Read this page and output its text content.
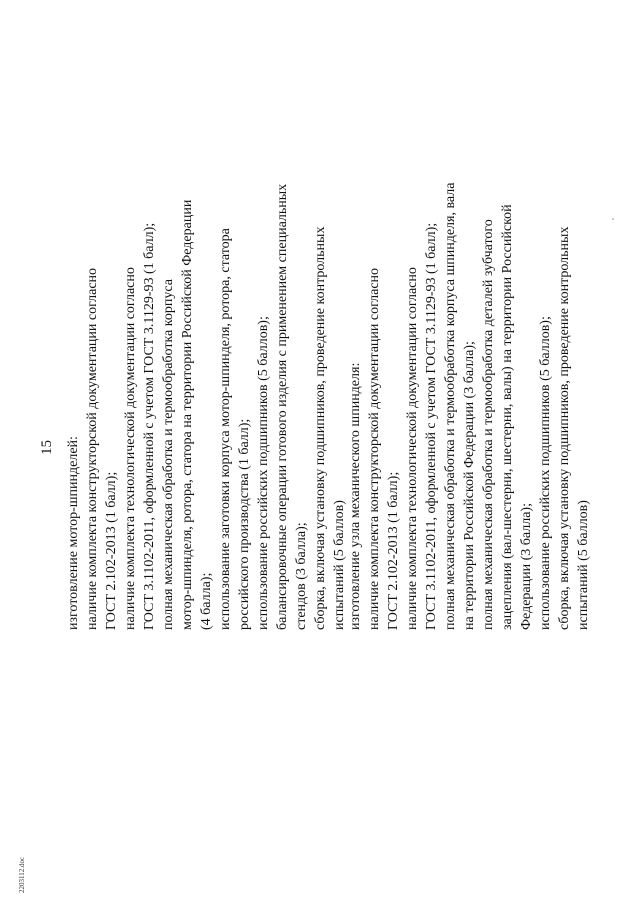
15 изготовление мотор-шпинделей: наличие комплекта конструкторской документации согласно ГОСТ 2.102-2013 (1 балл); наличие комплекта технологической документации согласно ГОСТ 3.1102-2011, оформленной с учетом ГОСТ 3.1129-93 (1 балл); полная механическая обработка и термообработка корпуса мотор-шпинделя, ротора, статора на территории Российской Федерации (4 балла); использование заготовки корпуса мотор-шпинделя, ротора, статора российского производства (1 балл); использование российских подшипников (5 баллов); балансировочные операции готового изделия с применением специальных стендов (3 балла); сборка, включая установку подшипников, проведение контрольных испытаний (5 баллов) изготовление узла механического шпинделя: наличие комплекта конструкторской документации согласно ГОСТ 2.102-2013 (1 балл); наличие комплекта технологической документации согласно ГОСТ 3.1102-2011, оформленной с учетом ГОСТ 3.1129-93 (1 балл); полная механическая обработка и термообработка корпуса шпинделя, вала на территории Российской Федерации (3 балла); полная механическая обработка и термообработка деталей зубчатого зацепления (вал-шестерни, шестерни, валы) на территории Российской Федерации (3 балла); использование российских подшипников (5 баллов); сборка, включая установку подшипников, проведение контрольных испытаний (5 баллов)
2203112.doc
